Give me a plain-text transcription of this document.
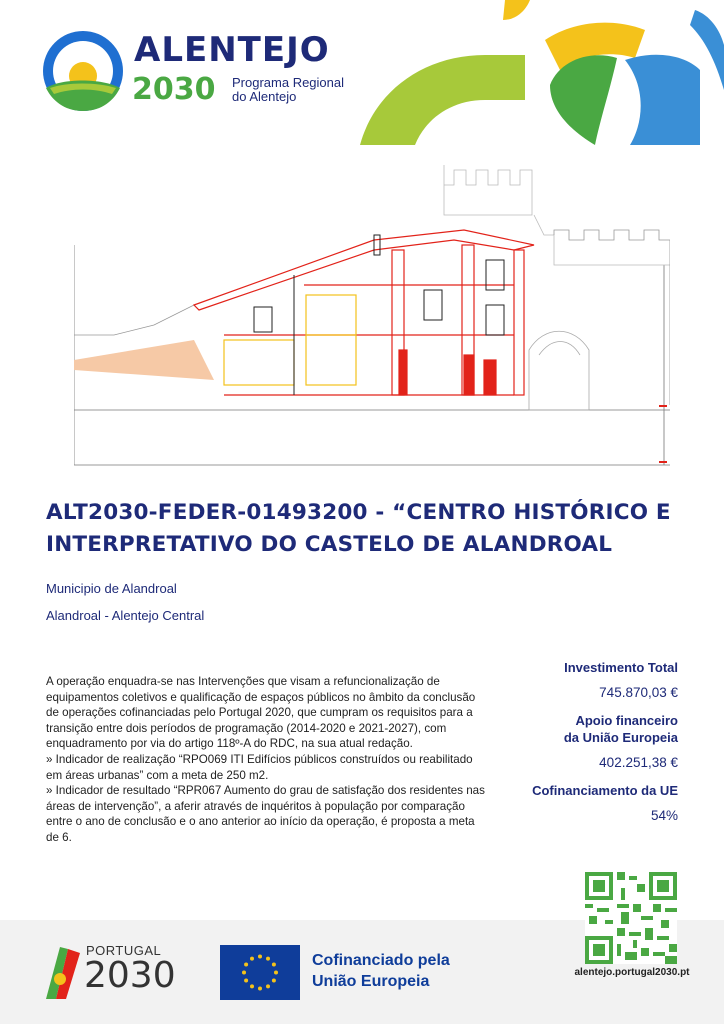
ALENTEJO
2030 Programa Regional
do Alentejo
ALT2030-FEDER-01493200 - “CENTRO HISTÓRICO E INTERPRETATIVO DO CASTELO DE ALANDROAL
Municipio de Alandroal
Alandroal - Alentejo Central

A operação enquadra-se nas Intervenções que visam a refuncionalização de equipamentos coletivos e qualificação de espaços públicos no âmbito da conclusão de operações cofinanciadas pelo Portugal 2020, que cumpram os requisitos para a transição entre dois períodos de programação (2014-2020 e 2021-2027), com enquadramento por via do artigo 118º-A do RDC, na sua atual redação.

» Indicador de realização “RPO069 ITI Edifícios públicos construídos ou reabilitado em áreas urbanas” com a meta de 250 m2.

» Indicador de resultado “RPR067 Aumento do grau de satisfação dos residentes nas áreas de intervenção”, a aferir através de inquéritos à população por comparação entre o ano de conclusão e o ano anterior ao início da operação, é proposta a meta de 6.

Investimento Total
745.870,03 €
Apoio financeiro
da União Europeia
402.251,38 €
Cofinanciamento da UE
54%
alentejo.portugal2030.pt
PORTUGAL
2030	Cofinanciado pela
União Europeia
